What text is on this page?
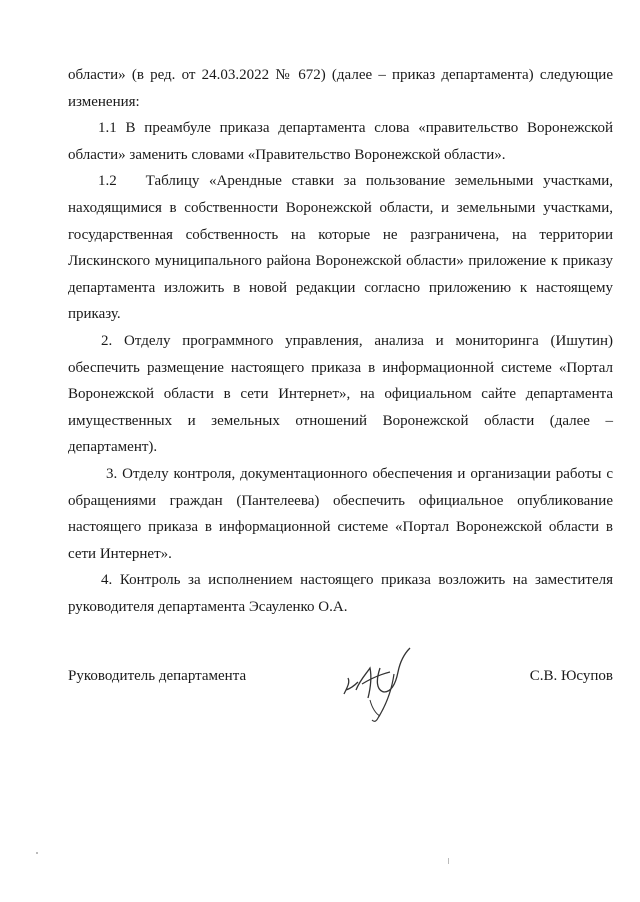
области» (в ред. от 24.03.2022 № 672) (далее – приказ департамента) следующие изменения:

1.1 В преамбуле приказа департамента слова «правительство Воронежской области» заменить словами «Правительство Воронежской области».

1.2   Таблицу «Арендные ставки за пользование земельными участками, находящимися в собственности Воронежской области, и земельными участками, государственная собственность на которые не разграничена, на территории Лискинского муниципального района Воронежской области» приложение к приказу департамента изложить в новой редакции согласно приложению к настоящему приказу.

2. Отделу программного управления, анализа и мониторинга (Ишутин) обеспечить размещение настоящего приказа в информационной системе «Портал Воронежской области в сети Интернет», на официальном сайте департамента имущественных и земельных отношений Воронежской области (далее – департамент).

3. Отделу контроля, документационного обеспечения и организации работы с обращениями граждан (Пантелеева) обеспечить официальное опубликование настоящего приказа в информационной системе «Портал Воронежской области в сети Интернет».

4. Контроль за исполнением настоящего приказа возложить на заместителя руководителя департамента Эсауленко О.А.

Руководитель департамента	С.В. Юсупов
